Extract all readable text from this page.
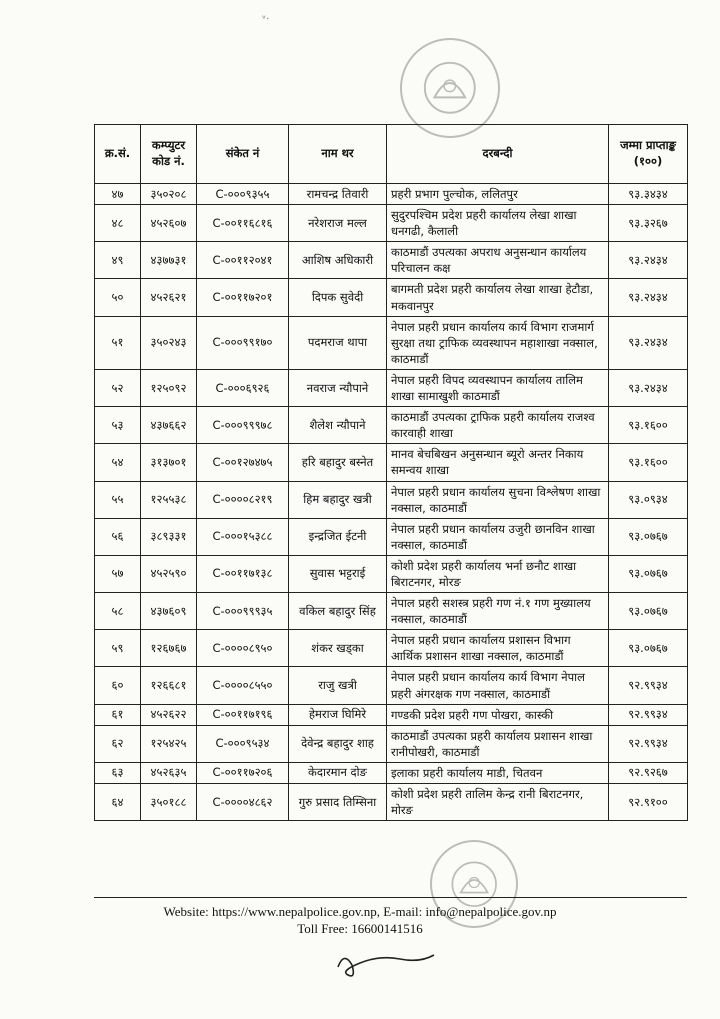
ᵛ·
क्र.सं.	कम्प्युटर कोड नं.	संकेत नं	नाम थर	दरबन्दी	जम्मा प्राप्ताङ्क (१००)
४७	३५०२०८	C-०००९३५५	रामचन्द्र तिवारी	प्रहरी प्रभाग पुल्चोक, ललितपुर	९३.३४३४
४८	४५२६०७	C-००११६८१६	नरेशराज मल्ल	सुदुरपश्चिम प्रदेश प्रहरी कार्यालय लेखा शाखा धनगढी, कैलाली	९३.३२६७
४९	४३७७३१	C-००११२०४१	आशिष अधिकारी	काठमाडौं उपत्यका अपराध अनुसन्धान कार्यालय परिचालन कक्ष	९३.२४३४
५०	४५२६२१	C-००११७२०१	दिपक सुवेदी	बागमती प्रदेश प्रहरी कार्यालय लेखा शाखा हेटौडा, मकवानपुर	९३.२४३४
५१	३५०२४३	C-०००९९१७०	पदमराज थापा	नेपाल प्रहरी प्रधान कार्यालय कार्य विभाग राजमार्ग सुरक्षा तथा ट्राफिक व्यवस्थापन महाशाखा नक्साल, काठमाडौं	९३.२४३४
५२	१२५०९२	C-०००६९२६	नवराज न्यौपाने	नेपाल प्रहरी विपद व्यवस्थापन कार्यालय तालिम शाखा सामाखुशी काठमाडौं	९३.२४३४
५३	४३७६६२	C-०००९९९७८	शैलेश न्यौपाने	काठमाडौं उपत्यका ट्राफिक प्रहरी कार्यालय राजश्व कारवाही शाखा	९३.१६००
५४	३१३७०१	C-००१२७४७५	हरि बहादुर बस्नेत	मानव बेचबिखन अनुसन्धान ब्यूरो अन्तर निकाय समन्वय शाखा	९३.१६००
५५	१२५५३८	C-००००८२१९	हिम बहादुर खत्री	नेपाल प्रहरी प्रधान कार्यालय सुचना विश्लेषण शाखा नक्साल, काठमाडौं	९३.०९३४
५६	३८९३३१	C-०००१५३८८	इन्द्रजित ईटनी	नेपाल प्रहरी प्रधान कार्यालय उजुरी छानविन शाखा नक्साल, काठमाडौं	९३.०७६७
५७	४५२५९०	C-००११७१३८	सुवास भट्टराई	कोशी प्रदेश प्रहरी कार्यालय भर्ना छनौट शाखा बिराटनगर, मोरङ	९३.०७६७
५८	४३७६०९	C-०००९९९३५	वकिल बहादुर सिंह	नेपाल प्रहरी सशस्त्र प्रहरी गण नं.१ गण मुख्यालय नक्साल, काठमाडौं	९३.०७६७
५९	१२६७६७	C-००००८९५०	शंकर खड्का	नेपाल प्रहरी प्रधान कार्यालय प्रशासन विभाग आर्थिक प्रशासन शाखा नक्साल, काठमाडौं	९३.०७६७
६०	१२६६८१	C-००००८५५०	राजु खत्री	नेपाल प्रहरी प्रधान कार्यालय कार्य विभाग नेपाल प्रहरी अंगरक्षक गण नक्साल, काठमाडौं	९२.९९३४
६१	४५२६२२	C-००११७१९६	हेमराज घिमिरे	गण्डकी प्रदेश प्रहरी गण पोखरा, कास्की	९२.९९३४
६२	१२५४२५	C-०००९५३४	देवेन्द्र बहादुर शाह	काठमाडौं उपत्यका प्रहरी कार्यालय प्रशासन शाखा रानीपोखरी, काठमाडौं	९२.९९३४
६३	४५२६३५	C-००११७२०६	केदारमान दोङ	इलाका प्रहरी कार्यालय माडी, चितवन	९२.९२६७
६४	३५०१८८	C-००००४८६२	गुरु प्रसाद तिम्सिना	कोशी प्रदेश प्रहरी तालिम केन्द्र रानी बिराटनगर, मोरङ	९२.९१००
Website: https://www.nepalpolice.gov.np, E-mail: info@nepalpolice.gov.np
Toll Free: 16600141516
